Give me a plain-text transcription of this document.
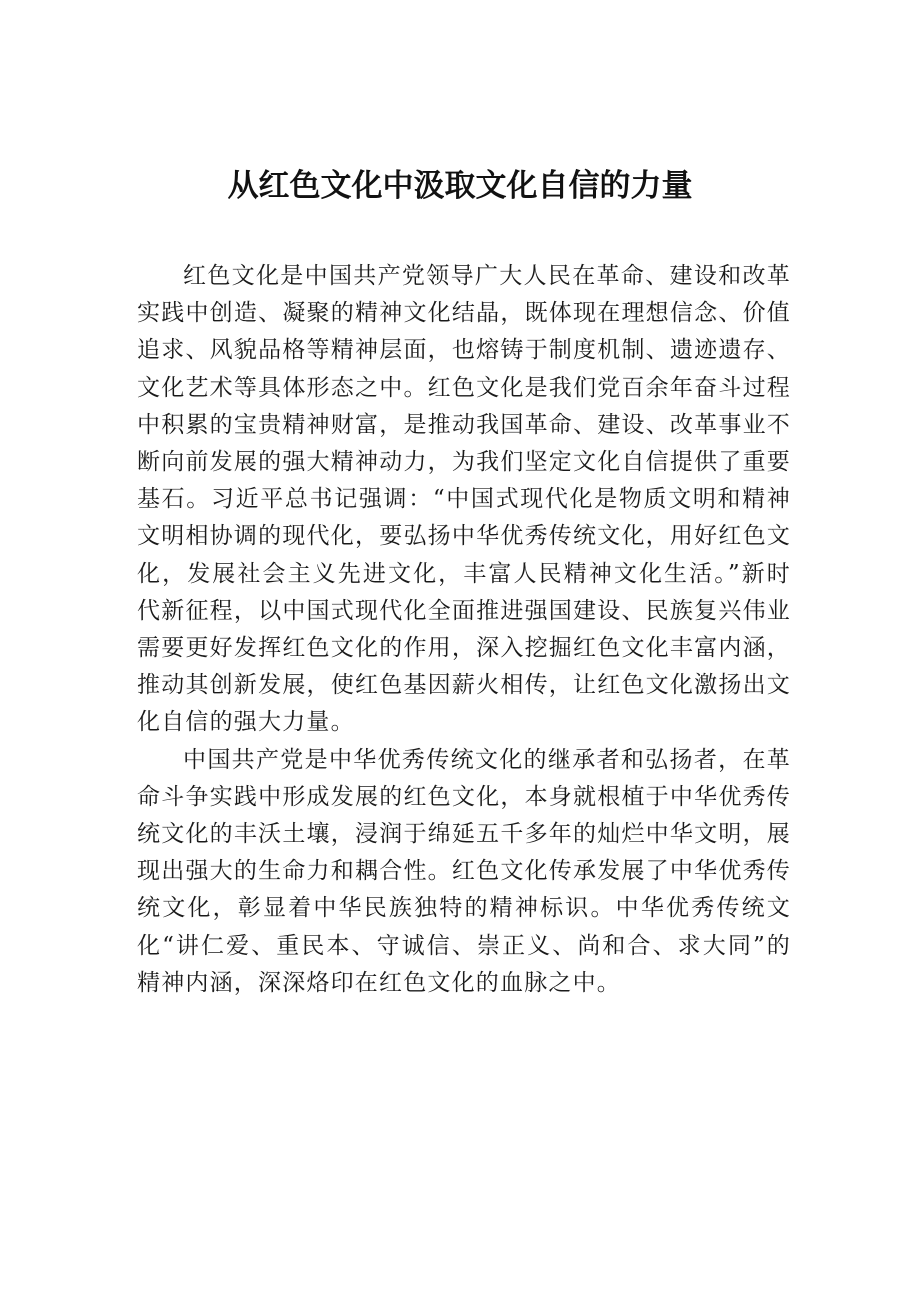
从红色文化中汲取文化自信的力量

红色文化是中国共产党领导广大人民在革命、建设和改革实践中创造、凝聚的精神文化结晶，既体现在理想信念、价值追求、风貌品格等精神层面，也熔铸于制度机制、遗迹遗存、文化艺术等具体形态之中。红色文化是我们党百余年奋斗过程中积累的宝贵精神财富，是推动我国革命、建设、改革事业不断向前发展的强大精神动力，为我们坚定文化自信提供了重要基石。习近平总书记强调：“中国式现代化是物质文明和精神文明相协调的现代化，要弘扬中华优秀传统文化，用好红色文化，发展社会主义先进文化，丰富人民精神文化生活。”新时代新征程，以中国式现代化全面推进强国建设、民族复兴伟业需要更好发挥红色文化的作用，深入挖掘红色文化丰富内涵，推动其创新发展，使红色基因薪火相传，让红色文化激扬出文化自信的强大力量。

中国共产党是中华优秀传统文化的继承者和弘扬者，在革命斗争实践中形成发展的红色文化，本身就根植于中华优秀传统文化的丰沃土壤，浸润于绵延五千多年的灿烂中华文明，展现出强大的生命力和耦合性。红色文化传承发展了中华优秀传统文化，彰显着中华民族独特的精神标识。中华优秀传统文化“讲仁爱、重民本、守诚信、崇正义、尚和合、求大同”的精神内涵，深深烙印在红色文化的血脉之中。
